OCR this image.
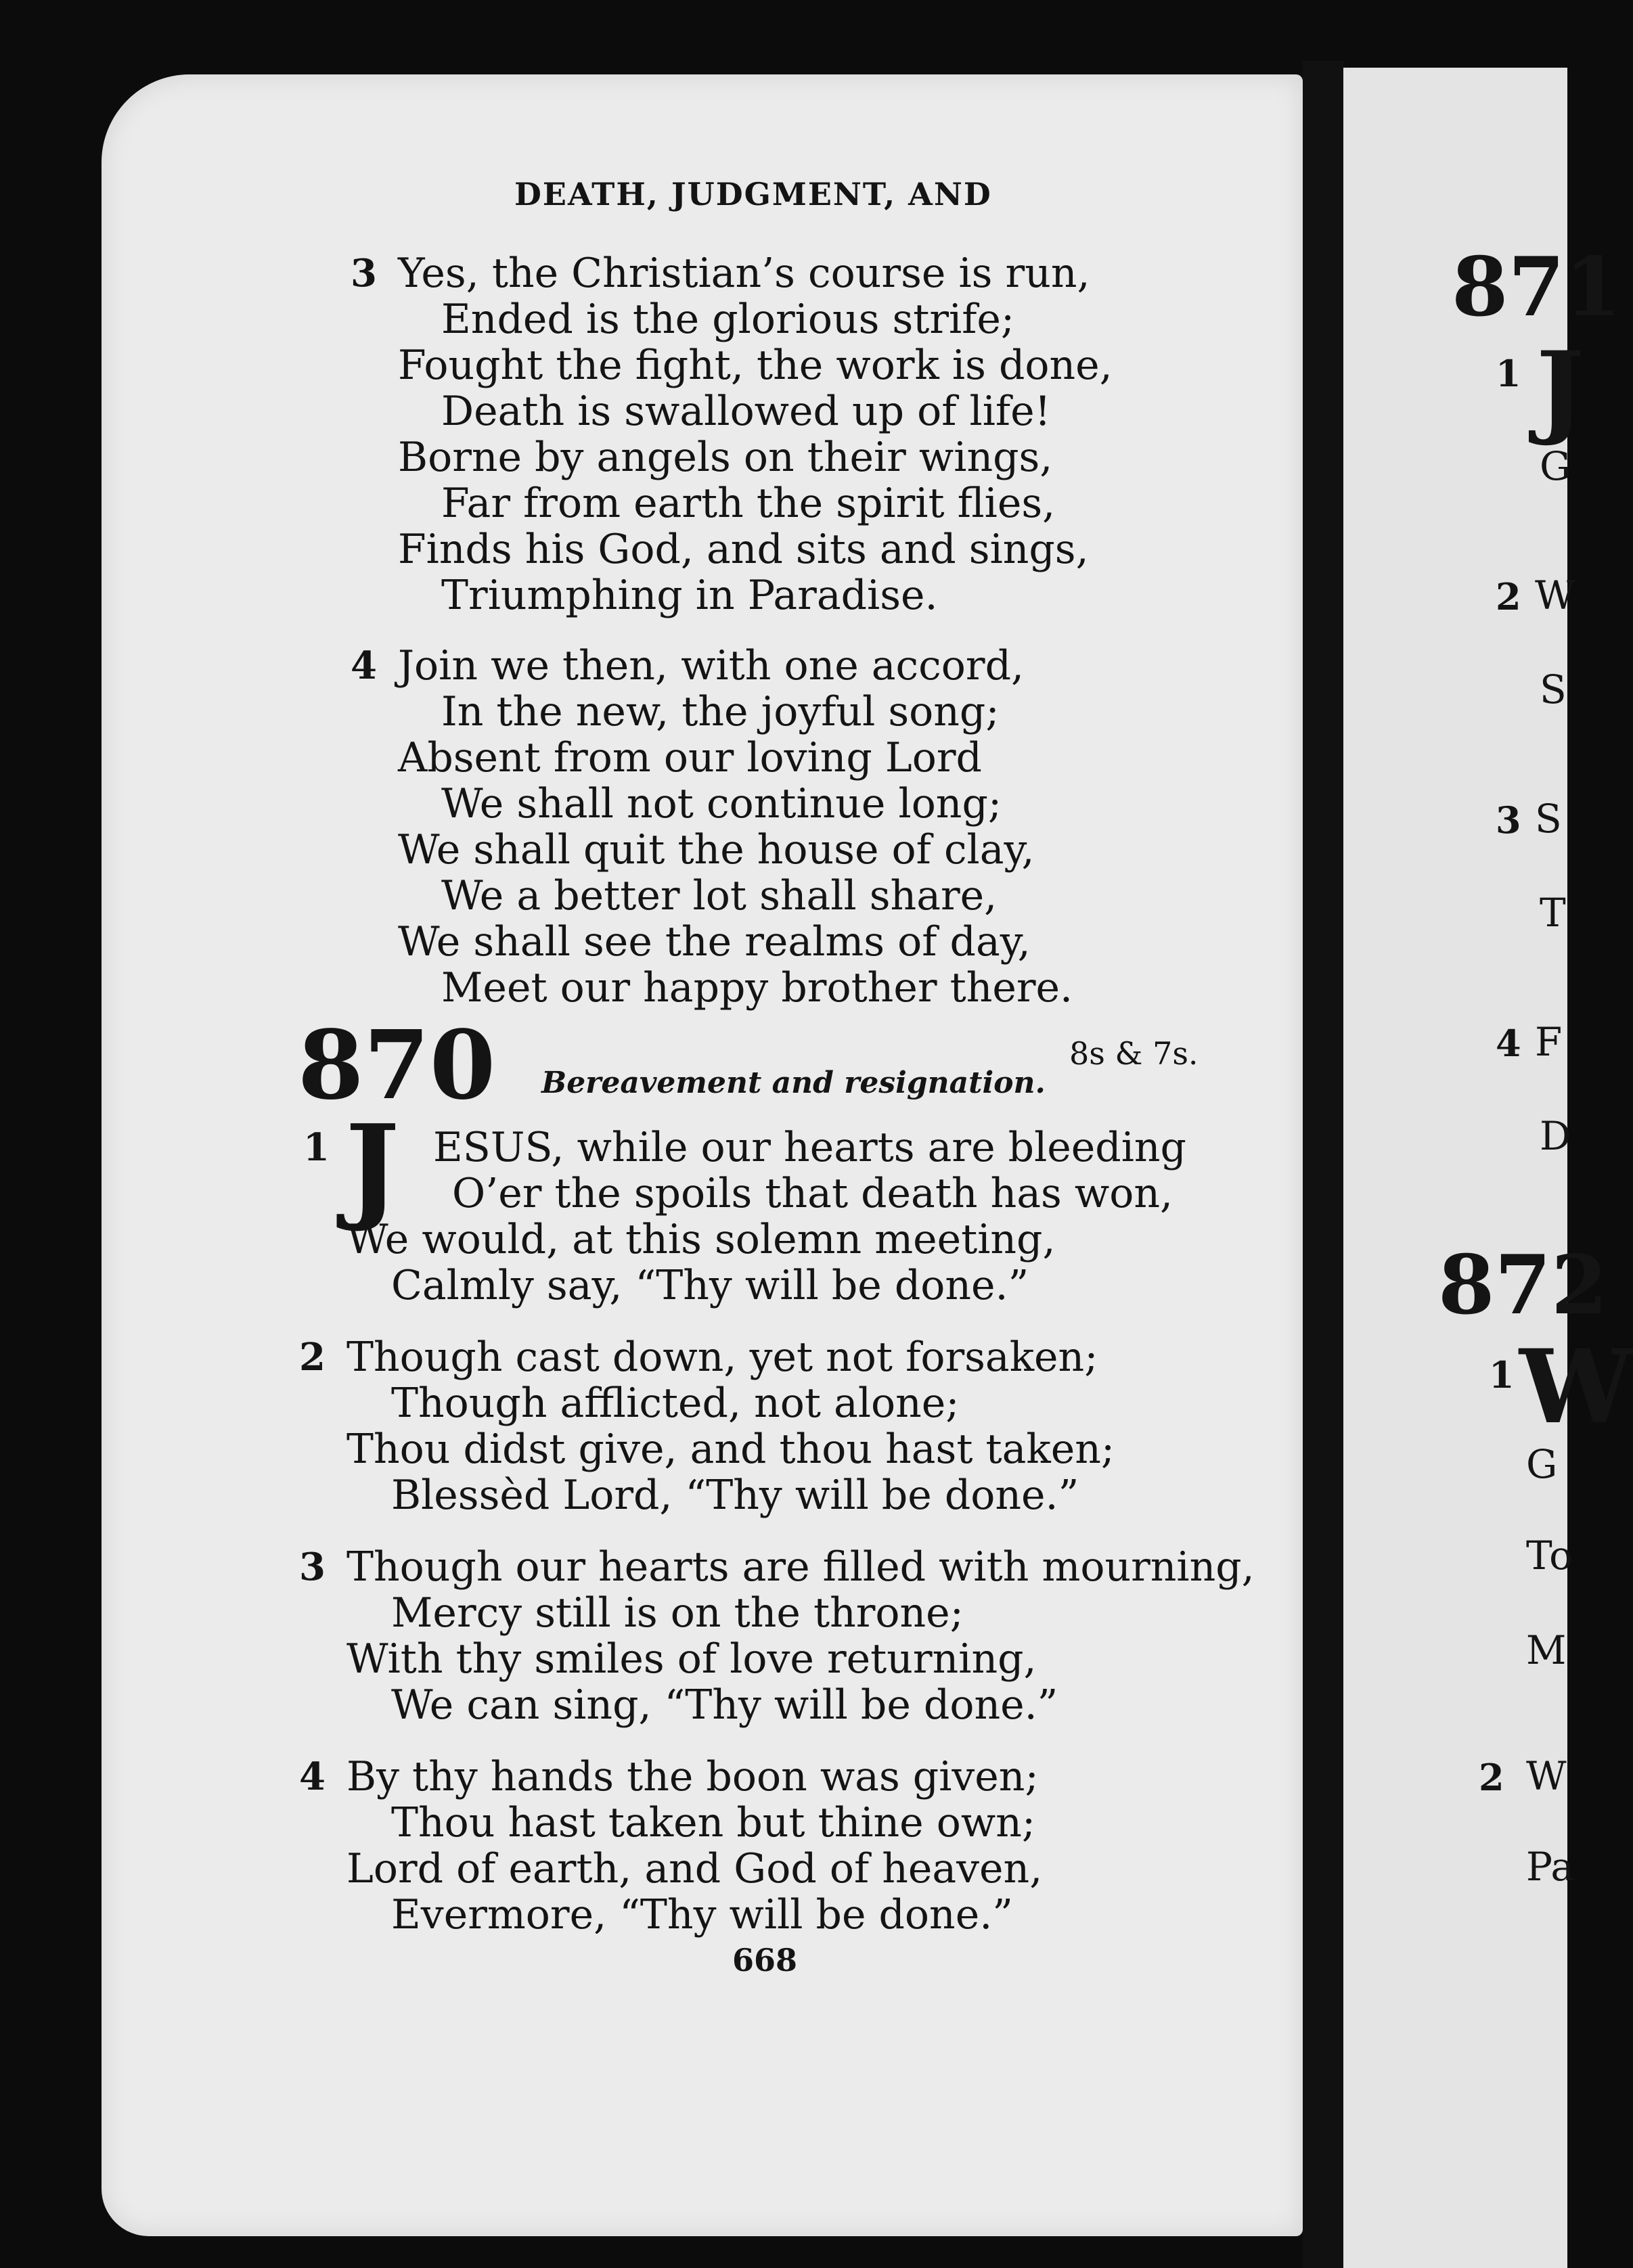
DEATH, JUDGMENT, AND
3 Yes, the Christian’s course is run,
Ended is the glorious strife;
Fought the fight, the work is done,
Death is swallowed up of life!
Borne by angels on their wings,
Far from earth the spirit flies,
Finds his God, and sits and sings,
Triumphing in Paradise.
4 Join we then, with one accord,
In the new, the joyful song;
Absent from our loving Lord
We shall not continue long;
We shall quit the house of clay,
We a better lot shall share,
We shall see the realms of day,
Meet our happy brother there.
870 Bereavement and resignation.
8s & 7s.
1 J ESUS, while our hearts are bleeding
O’er the spoils that death has won,
We would, at this solemn meeting,
Calmly say, “Thy will be done.”
2 Though cast down, yet not forsaken;
Though afflicted, not alone;
Thou didst give, and thou hast taken;
Blessèd Lord, “Thy will be done.”
3 Though our hearts are filled with mourning,
Mercy still is on the throne;
With thy smiles of love returning,
We can sing, “Thy will be done.”
4 By thy hands the boon was given;
Thou hast taken but thine own;
Lord of earth, and God of heaven,
Evermore, “Thy will be done.”
668
871
1 J
G
2 W
S
3 S
T
4 F
D
872
1 W
G
To
M
2 W
Pa
